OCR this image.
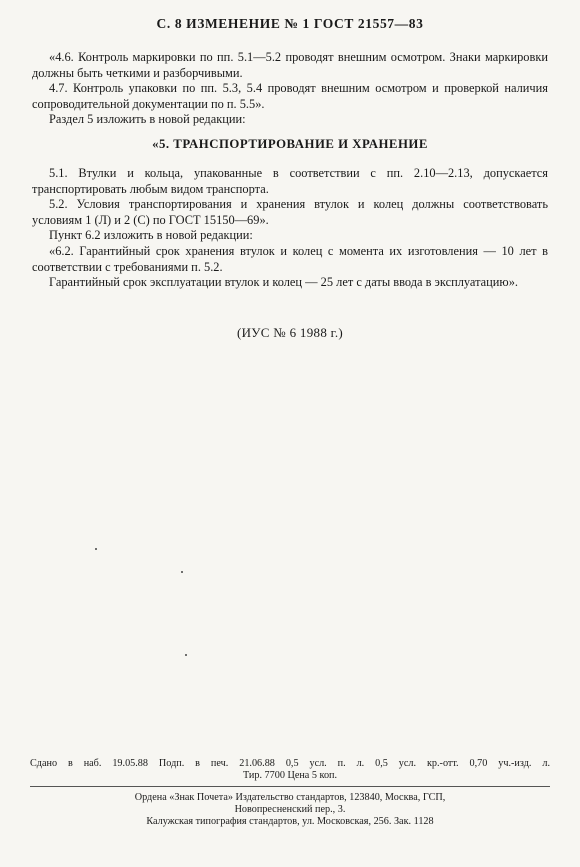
С. 8 ИЗМЕНЕНИЕ № 1 ГОСТ 21557—83

«4.6. Контроль маркировки по пп. 5.1—5.2 проводят внешним осмотром. Знаки маркировки должны быть четкими и разборчивыми.

4.7. Контроль упаковки по пп. 5.3, 5.4 проводят внешним осмотром и проверкой наличия сопроводительной документации по п. 5.5».

Раздел 5 изложить в новой редакции:

«5. ТРАНСПОРТИРОВАНИЕ И ХРАНЕНИЕ

5.1. Втулки и кольца, упакованные в соответствии с пп. 2.10—2.13, допускается транспортировать любым видом транспорта.

5.2. Условия транспортирования и хранения втулок и колец должны соответствовать условиям 1 (Л) и 2 (С) по ГОСТ 15150—69».

Пункт 6.2 изложить в новой редакции:

«6.2. Гарантийный срок хранения втулок и колец с момента их изготовления — 10 лет в соответствии с требованиями п. 5.2.

Гарантийный срок эксплуатации втулок и колец — 25 лет с даты ввода в эксплуатацию».

(ИУС № 6 1988 г.)
Сдано в наб. 19.05.88 Подп. в печ. 21.06.88 0,5 усл. п. л. 0,5 усл. кр.-отт. 0,70 уч.-изд. л.
Тир. 7700 Цена 5 коп.
Ордена «Знак Почета» Издательство стандартов, 123840, Москва, ГСП,
Новопресненский пер., 3.
Калужская типография стандартов, ул. Московская, 256. Зак. 1128
